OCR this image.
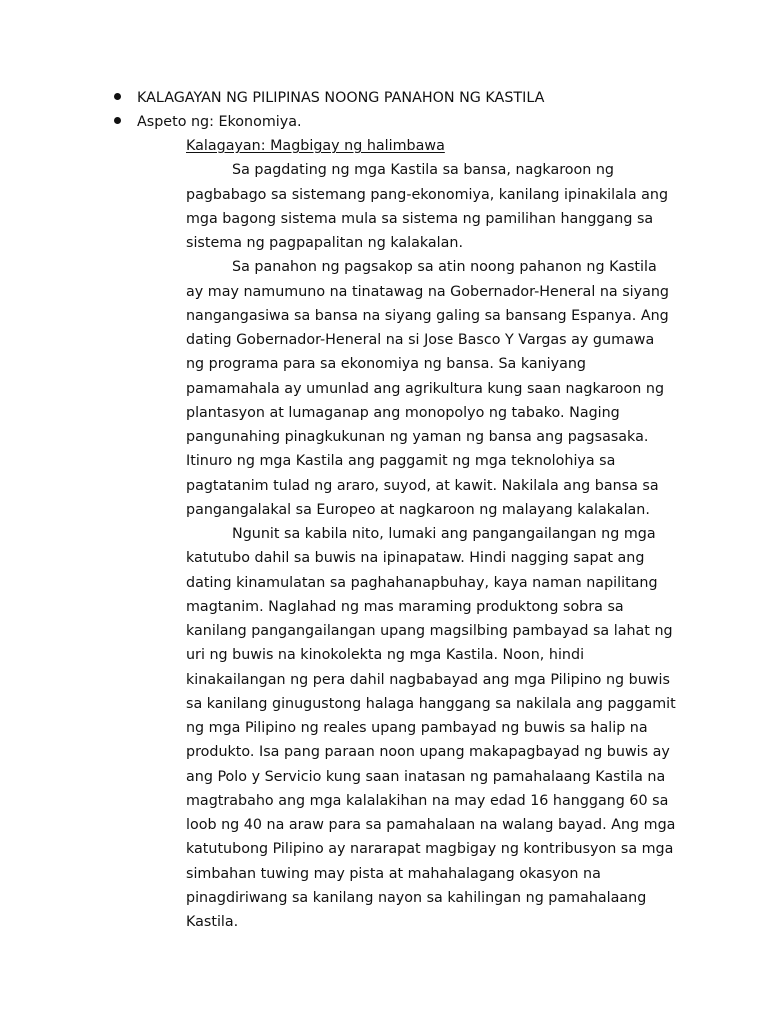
KALAGAYAN NG PILIPINAS NOONG PANAHON NG KASTILA
Aspeto ng: Ekonomiya.
Kalagayan: Magbigay ng halimbawa
Sa pagdating ng mga Kastila sa bansa, nagkaroon ng
pagbabago sa sistemang pang-ekonomiya, kanilang ipinakilala ang
mga bagong sistema mula sa sistema ng pamilihan hanggang sa
sistema ng pagpapalitan ng kalakalan.
Sa panahon ng pagsakop sa atin noong pahanon ng Kastila
ay may namumuno na tinatawag na Gobernador-Heneral na siyang
nangangasiwa sa bansa na siyang galing sa bansang Espanya. Ang
dating Gobernador-Heneral na si Jose Basco Y Vargas ay gumawa
ng programa para sa ekonomiya ng bansa. Sa kaniyang
pamamahala ay umunlad ang agrikultura kung saan nagkaroon ng
plantasyon at lumaganap ang monopolyo ng tabako. Naging
pangunahing pinagkukunan ng yaman ng bansa ang pagsasaka.
Itinuro ng mga Kastila ang paggamit ng mga teknolohiya sa
pagtatanim tulad ng araro, suyod, at kawit. Nakilala ang bansa sa
pangangalakal sa Europeo at nagkaroon ng malayang kalakalan.
Ngunit sa kabila nito, lumaki ang pangangailangan ng mga
katutubo dahil sa buwis na ipinapataw. Hindi nagging sapat ang
dating kinamulatan sa paghahanapbuhay, kaya naman napilitang
magtanim. Naglahad ng mas maraming produktong sobra sa
kanilang pangangailangan upang magsilbing pambayad sa lahat ng
uri ng buwis na kinokolekta ng mga Kastila. Noon, hindi
kinakailangan ng pera dahil nagbabayad ang mga Pilipino ng buwis
sa kanilang ginugustong halaga hanggang sa nakilala ang paggamit
ng mga Pilipino ng reales upang pambayad ng buwis sa halip na
produkto. Isa pang paraan noon upang makapagbayad ng buwis ay
ang Polo y Servicio kung saan inatasan ng pamahalaang Kastila na
magtrabaho ang mga kalalakihan na may edad 16 hanggang 60 sa
loob ng 40 na araw para sa pamahalaan na walang bayad. Ang mga
katutubong Pilipino ay nararapat magbigay ng kontribusyon sa mga
simbahan tuwing may pista at mahahalagang okasyon na
pinagdiriwang sa kanilang nayon sa kahilingan ng pamahalaang
Kastila.
